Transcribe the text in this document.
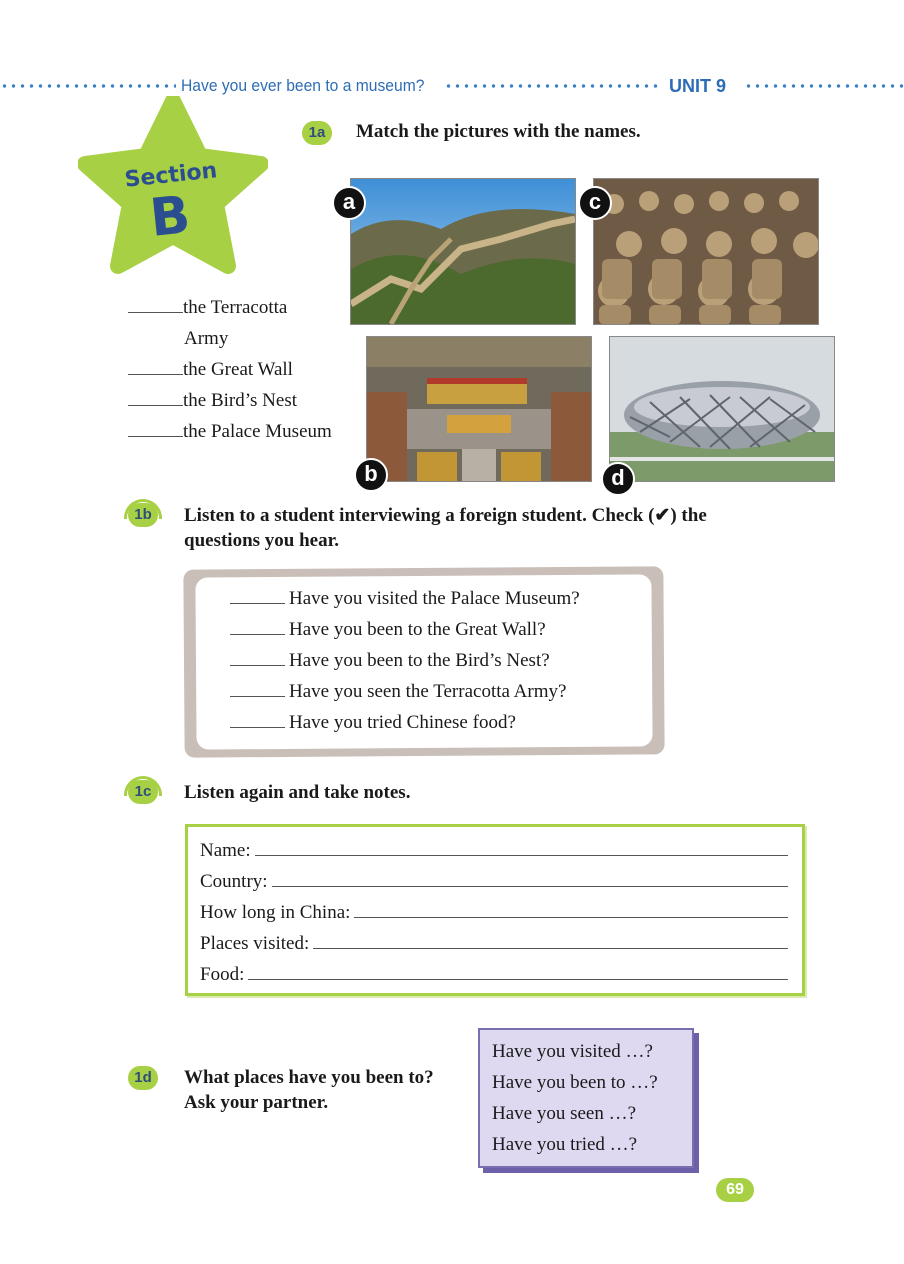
Have you ever been to a museum?	UNIT 9
Section
B
1a	Match the pictures with the names.
the Terracotta
Army
the Great Wall
the Bird’s Nest
the Palace Museum
a	c
b	d
1b	Listen to a student interviewing a foreign student. Check (✔) the
questions you hear.
Have you visited the Palace Museum?
Have you been to the Great Wall?
Have you been to the Bird’s Nest?
Have you seen the Terracotta Army?
Have you tried Chinese food?
1c	Listen again and take notes.
Name:
Country:
How long in China:
Places visited:
Food:
1d	What places have you been to?
Ask your partner.
Have you visited …?
Have you been to …?
Have you seen …?
Have you tried …?
69
